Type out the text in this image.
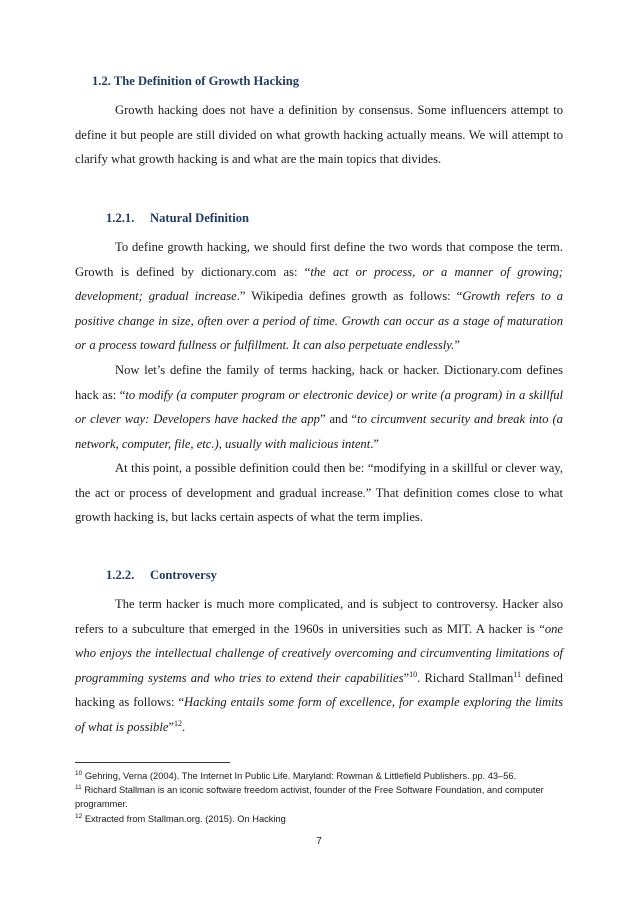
1.2. The Definition of Growth Hacking

Growth hacking does not have a definition by consensus. Some influencers attempt to define it but people are still divided on what growth hacking actually means. We will attempt to clarify what growth hacking is and what are the main topics that divides.

1.2.1. Natural Definition

To define growth hacking, we should first define the two words that compose the term. Growth is defined by dictionary.com as: “the act or process, or a manner of growing; development; gradual increase.” Wikipedia defines growth as follows: “Growth refers to a positive change in size, often over a period of time. Growth can occur as a stage of maturation or a process toward fullness or fulfillment. It can also perpetuate endlessly.”

Now let’s define the family of terms hacking, hack or hacker. Dictionary.com defines hack as: “to modify (a computer program or electronic device) or write (a program) in a skillful or clever way: Developers have hacked the app” and “to circumvent security and break into (a network, computer, file, etc.), usually with malicious intent.”

At this point, a possible definition could then be: “modifying in a skillful or clever way, the act or process of development and gradual increase.” That definition comes close to what growth hacking is, but lacks certain aspects of what the term implies.

1.2.2. Controversy

The term hacker is much more complicated, and is subject to controversy. Hacker also refers to a subculture that emerged in the 1960s in universities such as MIT. A hacker is “one who enjoys the intellectual challenge of creatively overcoming and circumventing limitations of programming systems and who tries to extend their capabilities”$^{10}$. Richard Stallman$^{11}$ defined hacking as follows: “Hacking entails some form of excellence, for example exploring the limits of what is possible”$^{12}$.

$^{10}$ Gehring, Verna (2004). The Internet In Public Life. Maryland: Rowman & Littlefield Publishers. pp. 43–56.
$^{11}$ Richard Stallman is an iconic software freedom activist, founder of the Free Software Foundation, and computer programmer.
$^{12}$ Extracted from Stallman.org. (2015). On Hacking
7
